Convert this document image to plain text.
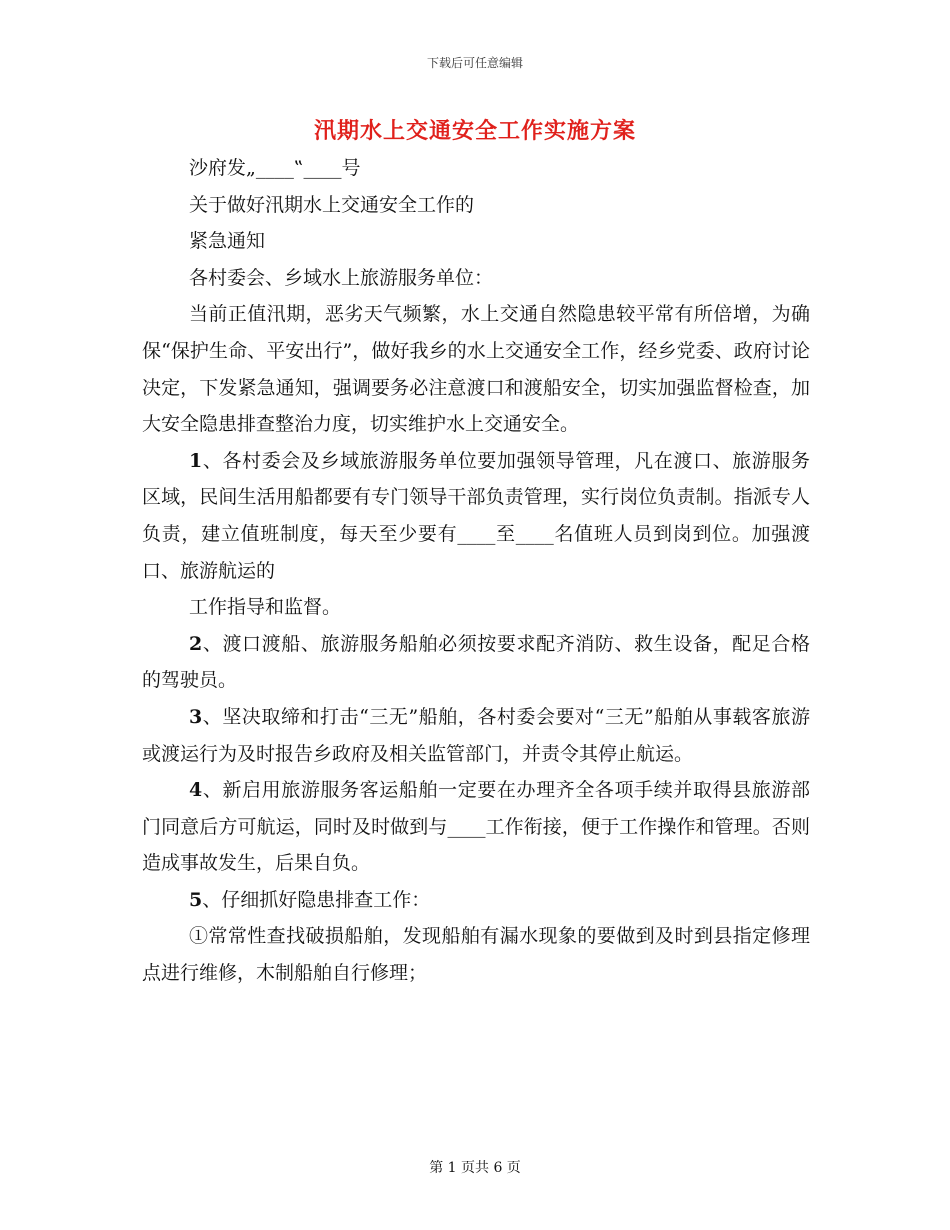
下载后可任意编辑
汛期水上交通安全工作实施方案

沙府发„____‟____号

关于做好汛期水上交通安全工作的

紧急通知

各村委会、乡域水上旅游服务单位：

当前正值汛期，恶劣天气频繁，水上交通自然隐患较平常有所倍增，为确保“保护生命、平安出行”，做好我乡的水上交通安全工作，经乡党委、政府讨论决定，下发紧急通知，强调要务必注意渡口和渡船安全，切实加强监督检查，加大安全隐患排查整治力度，切实维护水上交通安全。

1、各村委会及乡域旅游服务单位要加强领导管理，凡在渡口、旅游服务区域，民间生活用船都要有专门领导干部负责管理，实行岗位负责制。指派专人负责，建立值班制度，每天至少要有____至____名值班人员到岗到位。加强渡口、旅游航运的

工作指导和监督。

2、渡口渡船、旅游服务船舶必须按要求配齐消防、救生设备，配足合格的驾驶员。

3、坚决取缔和打击“三无”船舶，各村委会要对“三无”船舶从事载客旅游或渡运行为及时报告乡政府及相关监管部门，并责令其停止航运。

4、新启用旅游服务客运船舶一定要在办理齐全各项手续并取得县旅游部门同意后方可航运，同时及时做到与____工作衔接，便于工作操作和管理。否则造成事故发生，后果自负。

5、仔细抓好隐患排查工作：

①常常性查找破损船舶，发现船舶有漏水现象的要做到及时到县指定修理点进行维修，木制船舶自行修理；

第 1 页共 6 页
